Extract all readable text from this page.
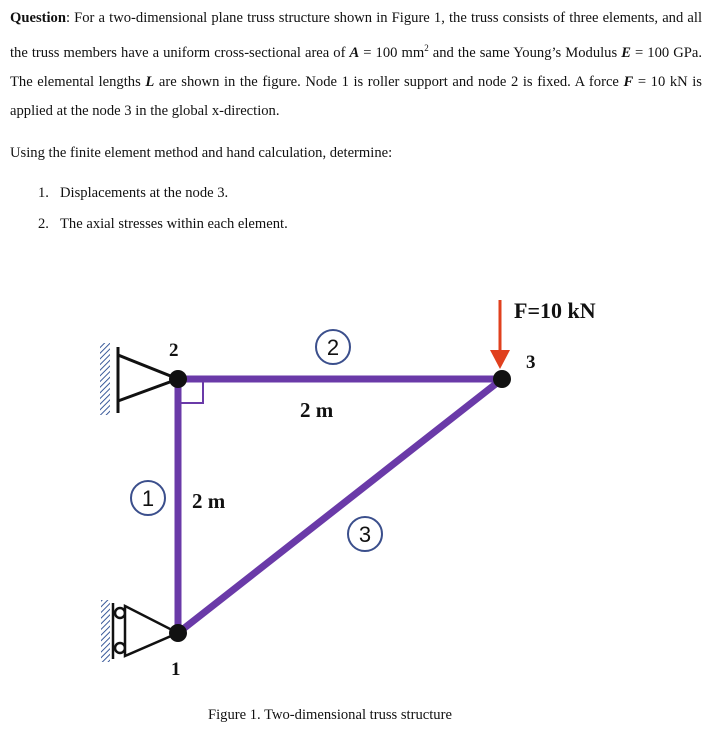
Question: For a two-dimensional plane truss structure shown in Figure 1, the truss consists of three elements, and all the truss members have a uniform cross-sectional area of A = 100 $mm^2$ and the same Young’s Modulus E = 100 GPa. The elemental lengths L are shown in the figure. Node 1 is roller support and node 2 is fixed. A force F = 10 kN is applied at the node 3 in the global x-direction.
Using the finite element method and hand calculation, determine:
1. Displacements at the node 3.
2. The axial stresses within each element.
2
1
3
F=10 kN
2 m
2 m
2
1
3
Figure 1. Two-dimensional truss structure
